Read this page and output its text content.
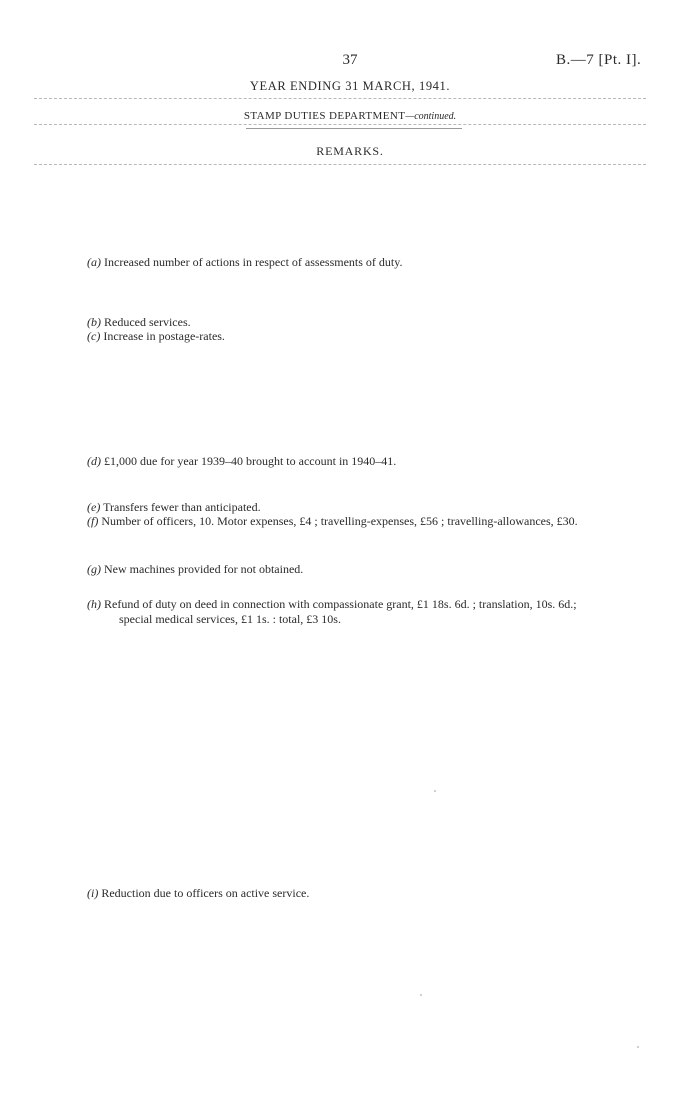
37	B.—7 [Pt. I].
YEAR ENDING 31 MARCH, 1941.
STAMP DUTIES DEPARTMENT—continued.
REMARKS.
(a) Increased number of actions in respect of assessments of duty.
(b) Reduced services.
(c) Increase in postage-rates.
(d) £1,000 due for year 1939–40 brought to account in 1940–41.
(e) Transfers fewer than anticipated.
(f) Number of officers, 10. Motor expenses, £4 ; travelling-expenses, £56 ; travelling-allowances, £30.
(g) New machines provided for not obtained.
(h) Refund of duty on deed in connection with compassionate grant, £1 18s. 6d. ; translation, 10s. 6d.;
special medical services, £1 1s. : total, £3 10s.
(i) Reduction due to officers on active service.
